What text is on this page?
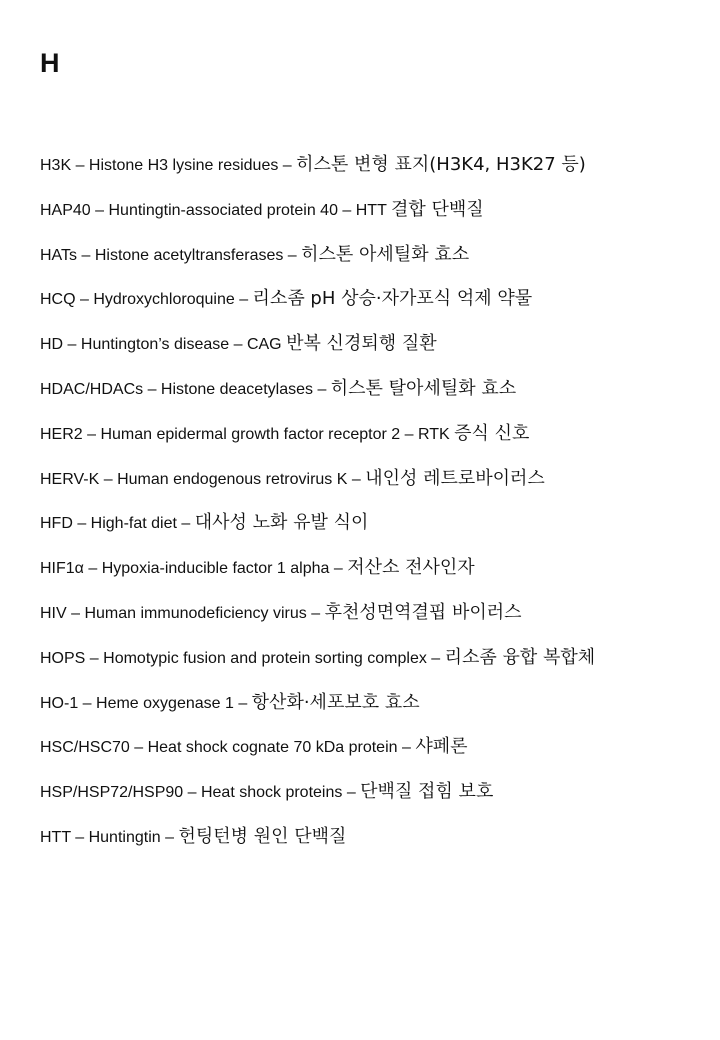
H
H3K – Histone H3 lysine residues – 히스톤 변형 표지(H3K4, H3K27 등)
HAP40 – Huntingtin-associated protein 40 – HTT 결합 단백질
HATs – Histone acetyltransferases – 히스톤 아세틸화 효소
HCQ – Hydroxychloroquine – 리소좀 pH 상승·자가포식 억제 약물
HD – Huntington’s disease – CAG 반복 신경퇴행 질환
HDAC/HDACs – Histone deacetylases – 히스톤 탈아세틸화 효소
HER2 – Human epidermal growth factor receptor 2 – RTK 증식 신호
HERV-K – Human endogenous retrovirus K – 내인성 레트로바이러스
HFD – High-fat diet – 대사성 노화 유발 식이
HIF1α – Hypoxia-inducible factor 1 alpha – 저산소 전사인자
HIV – Human immunodeficiency virus – 후천성면역결핍 바이러스
HOPS – Homotypic fusion and protein sorting complex – 리소좀 융합 복합체
HO-1 – Heme oxygenase 1 – 항산화·세포보호 효소
HSC/HSC70 – Heat shock cognate 70 kDa protein – 샤페론
HSP/HSP72/HSP90 – Heat shock proteins – 단백질 접힘 보호
HTT – Huntingtin – 헌팅턴병 원인 단백질
